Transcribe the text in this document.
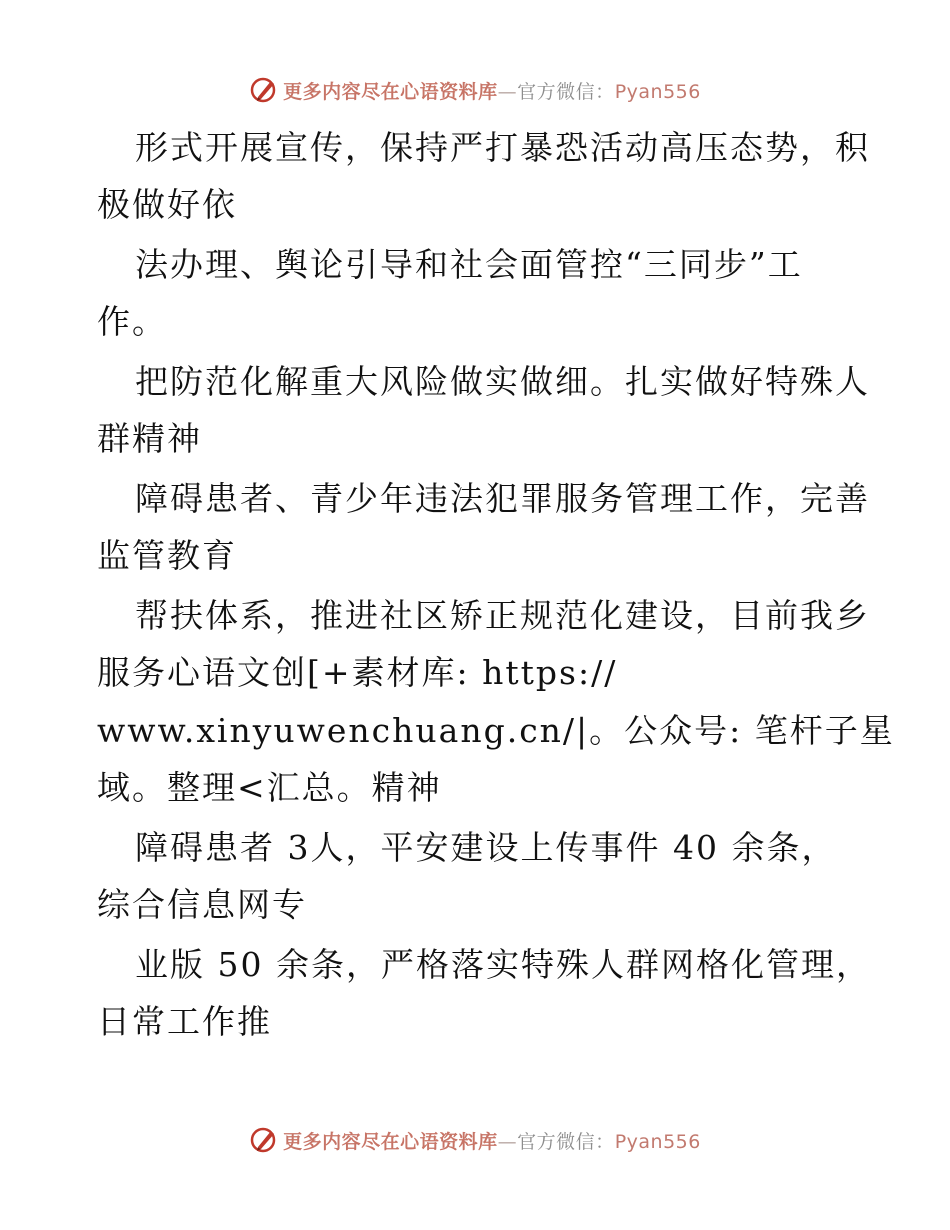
更多内容尽在心语资料库—官方微信：Pyan556
形式开展宣传，保持严打暴恐活动高压态势，积
极做好依
法办理、舆论引导和社会面管控“三同步”工
作。
把防范化解重大风险做实做细。扎实做好特殊人
群精神
障碍患者、青少年违法犯罪服务管理工作，完善
监管教育
帮扶体系，推进社区矫正规范化建设，目前我乡
服务心语文创[+素材库: https://
www.xinyuwenchuang.cn/|。公众号: 笔杆子星
域。整理<汇总。精神
障碍患者 3人，平安建设上传事件 40 余条，
综合信息网专
业版 50 余条，严格落实特殊人群网格化管理，
日常工作推
更多内容尽在心语资料库—官方微信：Pyan556
